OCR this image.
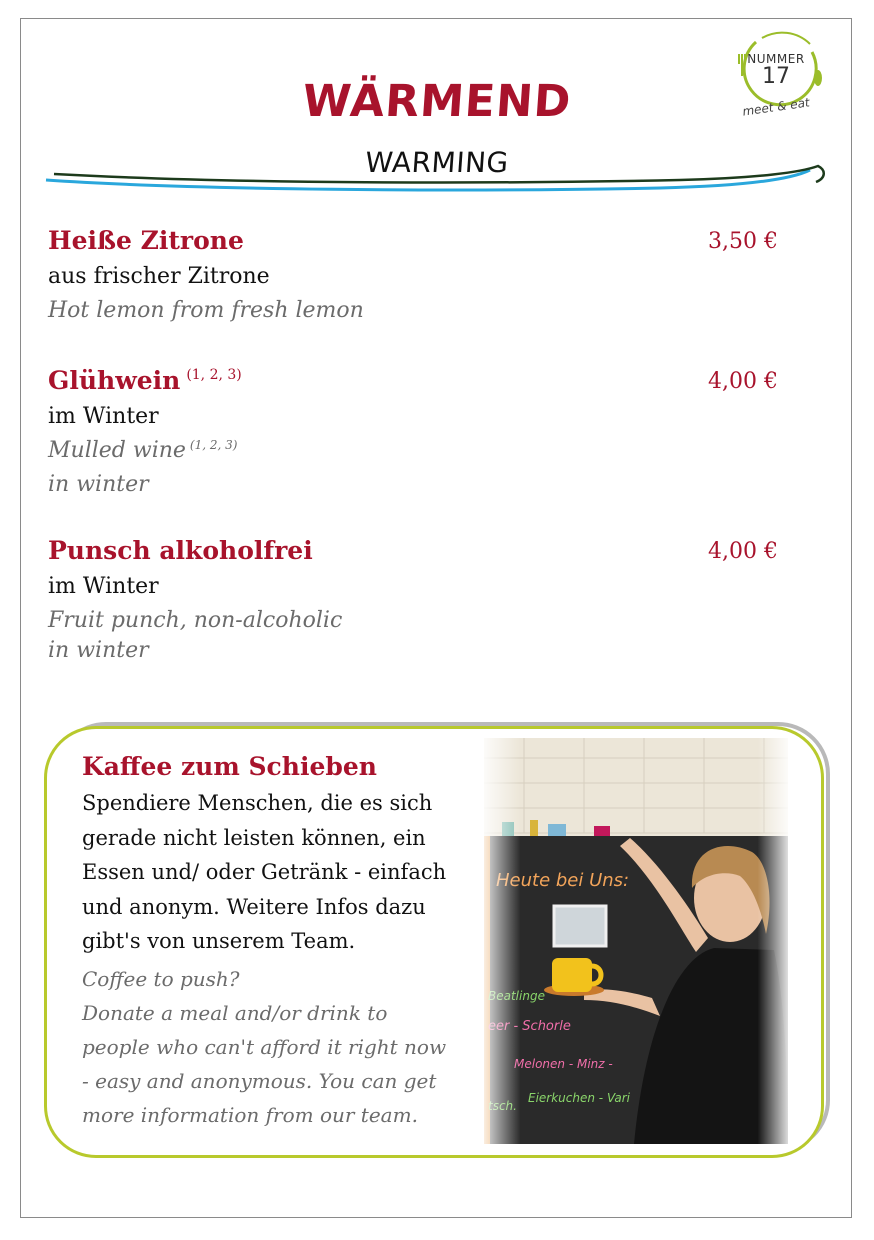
NUMMER
17
meet & eat
WÄRMEND
WARMING
Heiße Zitrone	3,50 €
aus frischer Zitrone
Hot lemon from fresh lemon
Glühwein $^{(1, 2, 3)}$	4,00 €
im Winter
Mulled wine $^{(1, 2, 3)}$
in winter
Punsch alkoholfrei	4,00 €
im Winter
Fruit punch, non-alcoholic
in winter
Kaffee zum Schieben
Spendiere Menschen, die es sich gerade nicht leisten können, ein Essen und/ oder Getränk - einfach und anonym. Weitere Infos dazu gibt's von unserem Team.
Coffee to push?
Donate a meal and/or drink to
people who can't afford it right now
- easy and anonymous. You can get
more information from our team.
